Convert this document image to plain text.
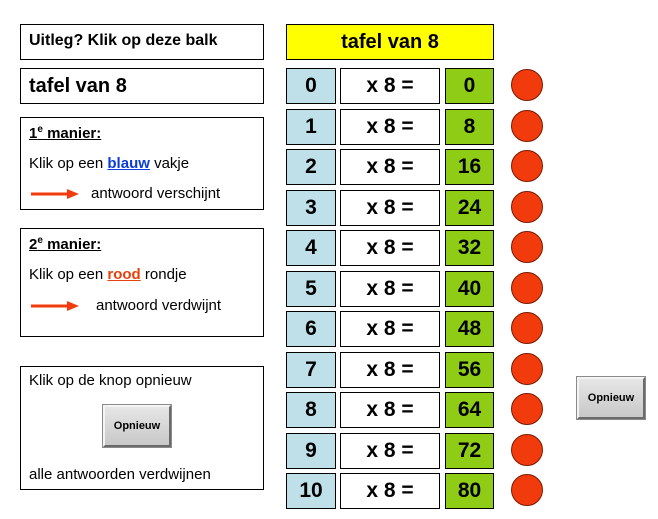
Uitleg? Klik op deze balk
tafel van 8
1e manier:
Klik op een blauw vakje
antwoord verschijnt
2e manier:
Klik op een rood rondje
antwoord verdwijnt
Klik op de knop opnieuw
Opnieuw
alle antwoorden verdwijnen
tafel van 8
0	x 8 =	0
1	x 8 =	8
2	x 8 =	16
3	x 8 =	24
4	x 8 =	32
5	x 8 =	40
6	x 8 =	48
7	x 8 =	56
8	x 8 =	64
9	x 8 =	72
10	x 8 =	80
Opnieuw
